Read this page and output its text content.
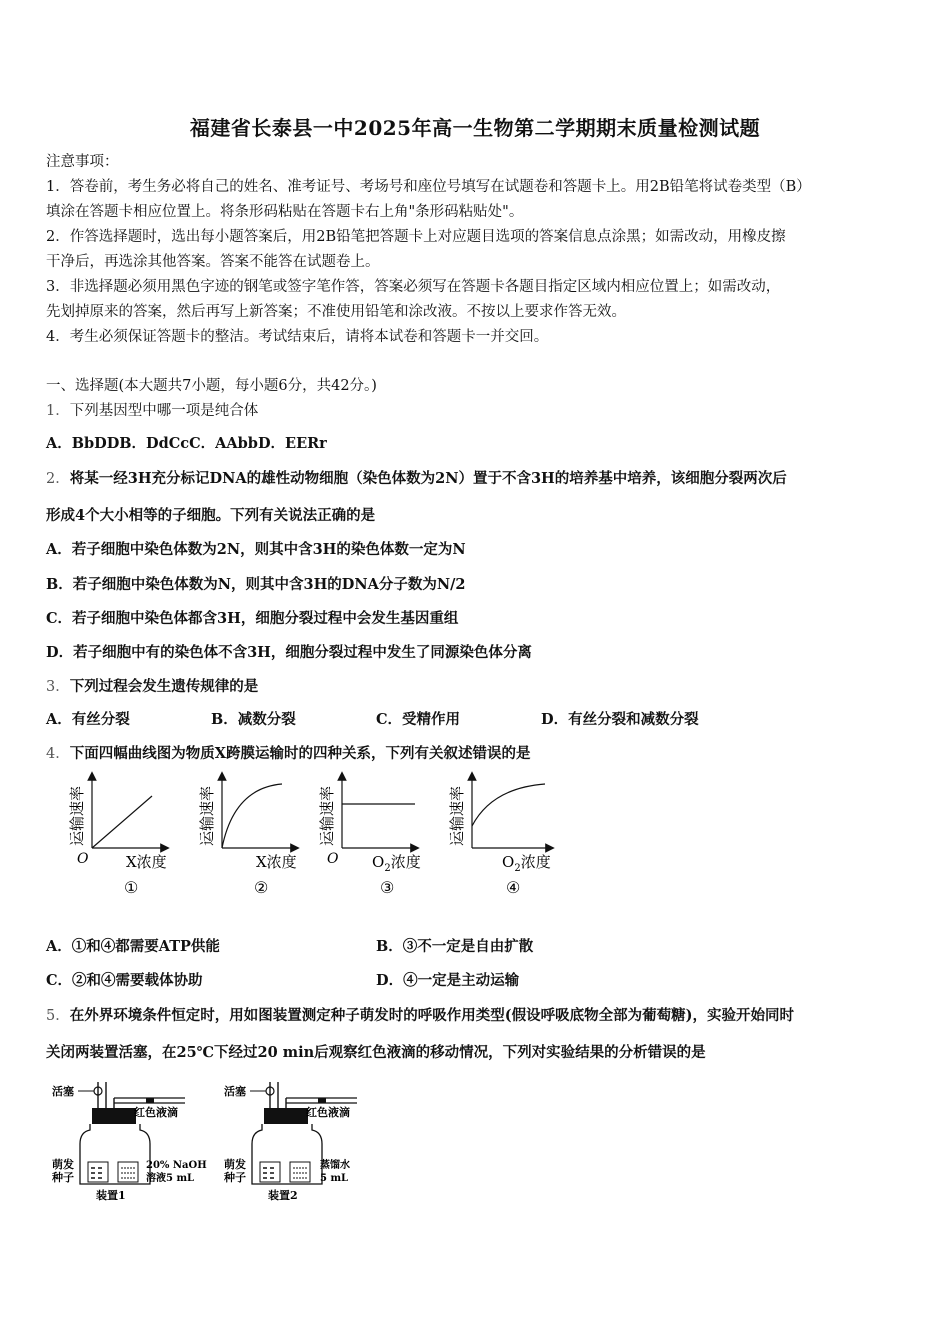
福建省长泰县一中2025年高一生物第二学期期末质量检测试题
注意事项：
1．答卷前，考生务必将自己的姓名、准考证号、考场号和座位号填写在试题卷和答题卡上。用2B铅笔将试卷类型（B）
填涂在答题卡相应位置上。将条形码粘贴在答题卡右上角"条形码粘贴处"。
2．作答选择题时，选出每小题答案后，用2B铅笔把答题卡上对应题目选项的答案信息点涂黑；如需改动，用橡皮擦
干净后，再选涂其他答案。答案不能答在试题卷上。
3．非选择题必须用黑色字迹的钢笔或签字笔作答，答案必须写在答题卡各题目指定区域内相应位置上；如需改动，
先划掉原来的答案，然后再写上新答案；不准使用铅笔和涂改液。不按以上要求作答无效。
4．考生必须保证答题卡的整洁。考试结束后，请将本试卷和答题卡一并交回。
一、选择题(本大题共7小题，每小题6分，共42分。)
1．下列基因型中哪一项是纯合体
A．BbDDB．DdCcC．AAbbD．EERr
2．将某一经3H充分标记DNA的雄性动物细胞（染色体数为2N）置于不含3H的培养基中培养，该细胞分裂两次后
形成4个大小相等的子细胞。下列有关说法正确的是
A．若子细胞中染色体数为2N，则其中含3H的染色体数一定为N
B．若子细胞中染色体数为N，则其中含3H的DNA分子数为N/2
C．若子细胞中染色体都含3H，细胞分裂过程中会发生基因重组
D．若子细胞中有的染色体不含3H，细胞分裂过程中发生了同源染色体分离
3．下列过程会发生遗传规律的是
A．有丝分裂	B．减数分裂	C．受精作用	D．有丝分裂和减数分裂
4．下面四幅曲线图为物质X跨膜运输时的四种关系，下列有关叙述错误的是
运输速率
O	X浓度
①
运输速率
X浓度
②
运输速率
O $O_2$浓度
③
运输速率
$O_2$浓度
④
A．①和④都需要ATP供能	B．③不一定是自由扩散
C．②和④需要载体协助	D．④一定是主动运输
5．在外界环境条件恒定时，用如图装置测定种子萌发时的呼吸作用类型(假设呼吸底物全部为葡萄糖)，实验开始同时
关闭两装置活塞，在25℃下经过20 min后观察红色液滴的移动情况，下列对实验结果的分析错误的是
活塞
红色液滴
萌发
种子
20% NaOH
溶液5 mL
装置1
活塞
红色液滴
萌发
种子
蒸馏水
5 mL
装置2
